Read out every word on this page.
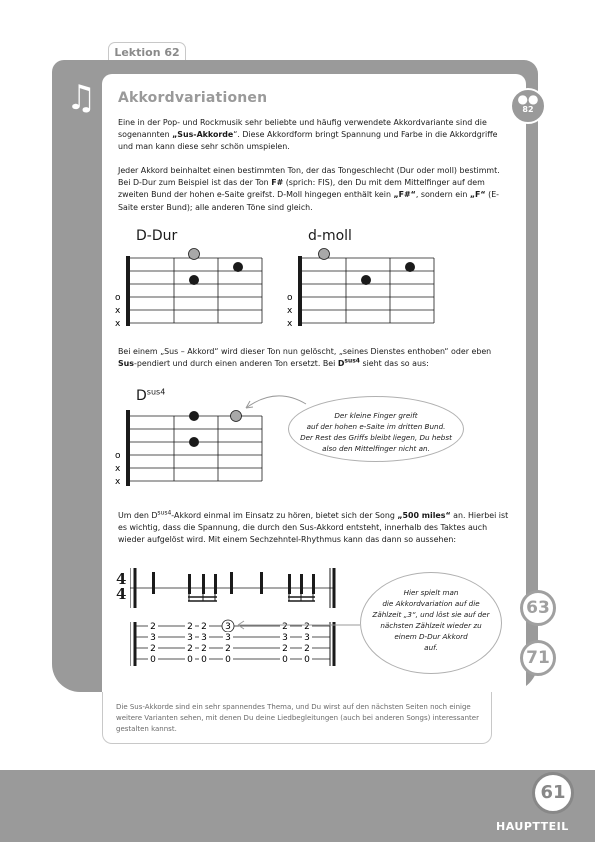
Lektion 62
Die Sus-Akkorde sind ein sehr spannendes Thema, und Du wirst auf den nächsten Seiten noch einige weitere Varianten sehen, mit denen Du deine Liedbegleitungen (auch bei anderen Songs) interessanter gestalten kannst.
♫	●●
82
63
71
Akkordvariationen
Eine in der Pop- und Rockmusik sehr beliebte und häufig verwendete Akkordvariante sind die sogenannten „Sus-Akkorde“. Diese Akkordform bringt Spannung und Farbe in die Akkordgriffe und man kann diese sehr schön umspielen.
Jeder Akkord beinhaltet einen bestimmten Ton, der das Tongeschlecht (Dur oder moll) bestimmt. Bei D-Dur zum Beispiel ist das der Ton F# (sprich: FIS), den Du mit dem Mittelfinger auf dem zweiten Bund der hohen e-Saite greifst. D-Moll hingegen enthält kein „F#“, sondern ein „F“ (E-Saite erster Bund); alle anderen Töne sind gleich.
D-Dur	d-moll
o
x
x
o
x
x
Bei einem „Sus – Akkord“ wird dieser Ton nun gelöscht, „seines Dienstes enthoben“ oder eben Sus-pendiert und durch einen anderen Ton ersetzt. Bei $D^{sus4}$ sieht das so aus:
$D^{sus4}$
o
x
x
Der kleine Finger greift
auf der hohen e-Saite im dritten Bund.
Der Rest des Griffs bleibt liegen, Du hebst
also den Mittelfinger nicht an.
Um den $D^{sus4}$-Akkord einmal im Einsatz zu hören, bietet sich der Song „500 miles“ an. Hierbei ist es wichtig, dass die Spannung, die durch den Sus-Akkord entsteht, innerhalb des Taktes auch wieder aufgelöst wird. Mit einem Sechzehntel-Rhythmus kann das dann so aussehen:
4
4
2
3
2
0
2
3
2
0
2
3
2
0
3
3
2
0
2
3
2
0
2
3
2
0
Hier spielt man
die Akkordvariation auf die
Zählzeit „3“, und löst sie auf der
nächsten Zählzeit wieder zu
einem D-Dur Akkord
auf.
61
HAUPTTEIL
